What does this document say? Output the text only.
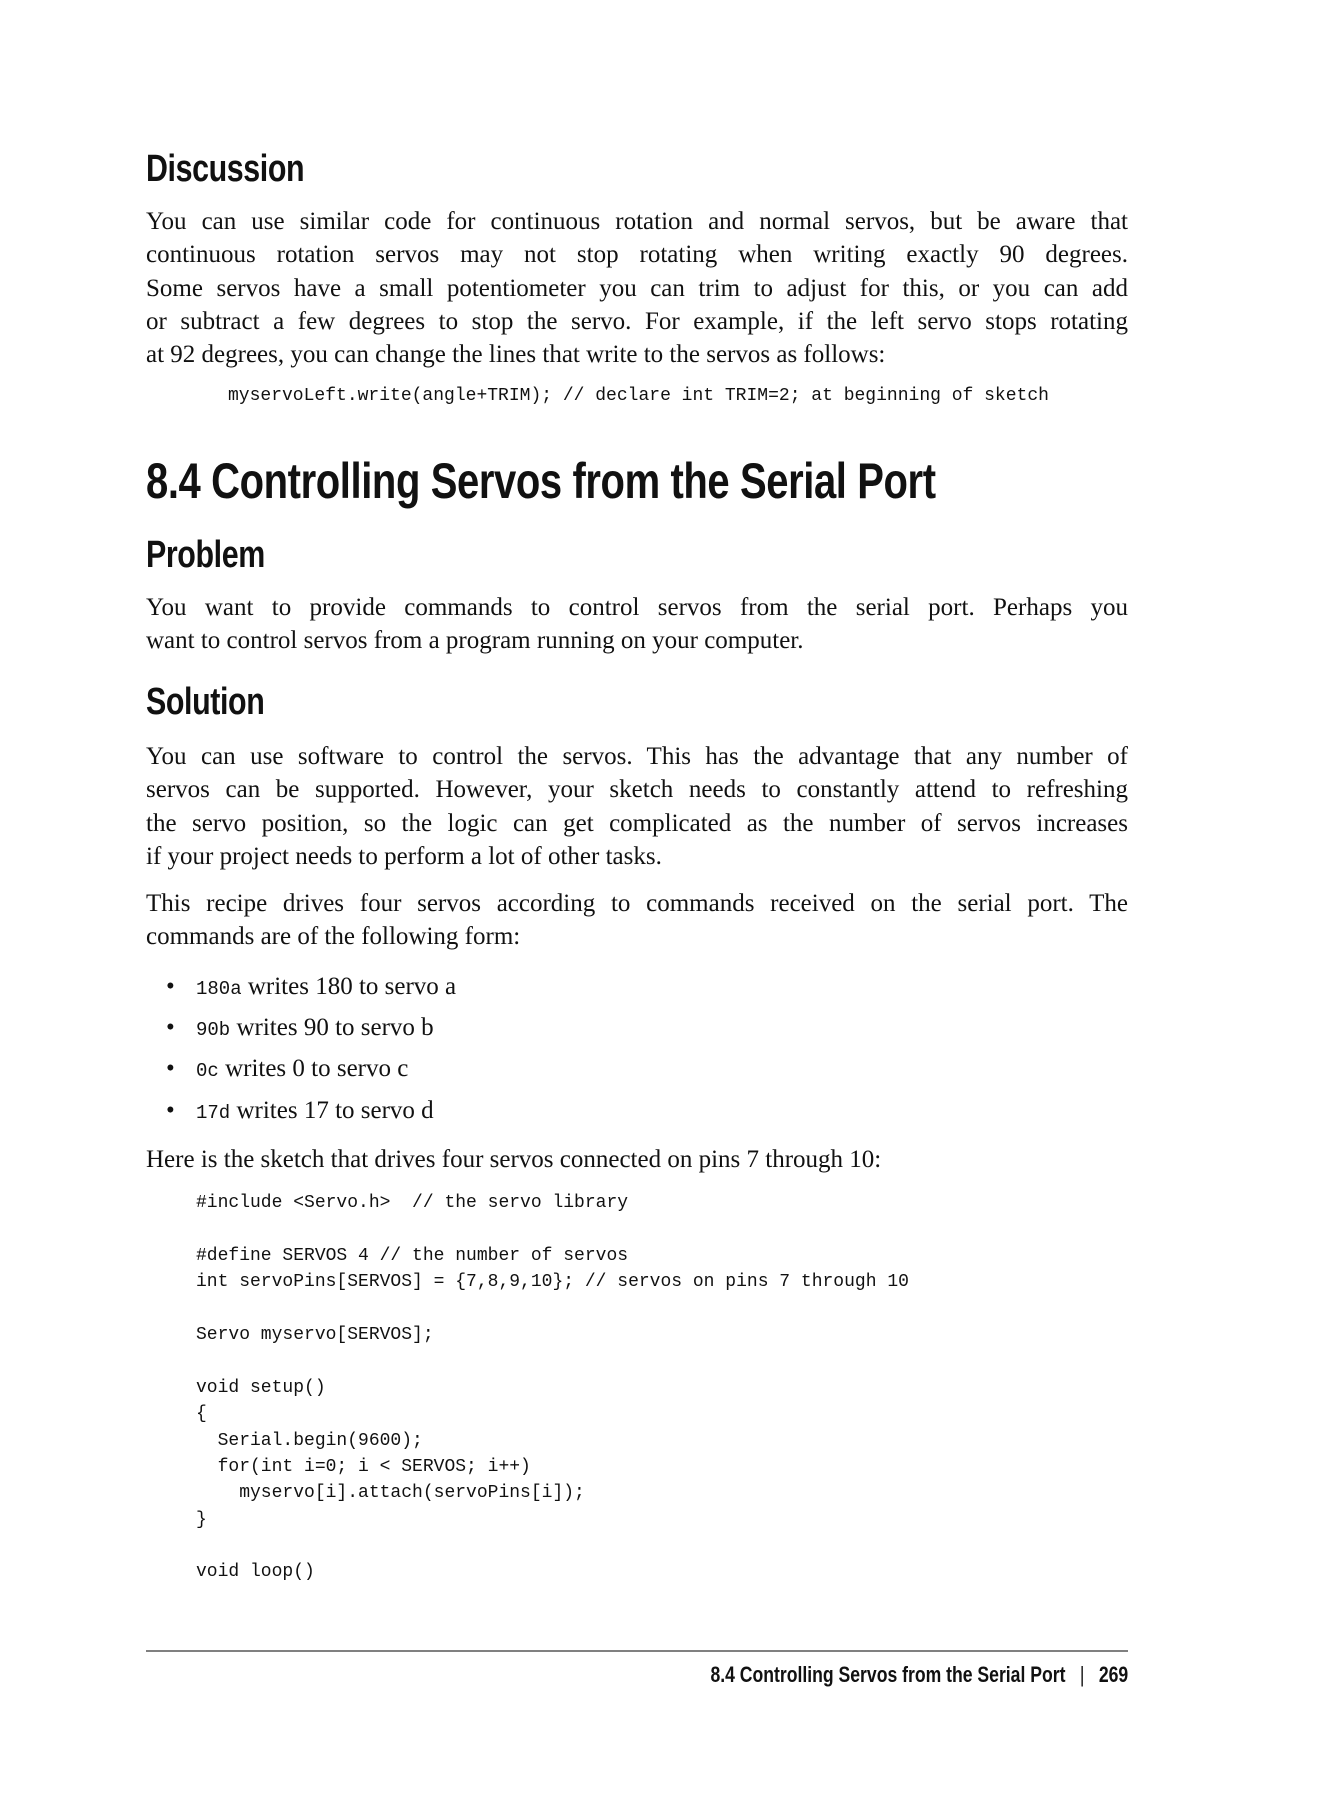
Discussion
You can use similar code for continuous rotation and normal servos, but be aware that
continuous rotation servos may not stop rotating when writing exactly 90 degrees.
Some servos have a small potentiometer you can trim to adjust for this, or you can add
or subtract a few degrees to stop the servo. For example, if the left servo stops rotating
at 92 degrees, you can change the lines that write to the servos as follows:
myservoLeft.write(angle+TRIM); // declare int TRIM=2; at beginning of sketch
8.4 Controlling Servos from the Serial Port
Problem
You want to provide commands to control servos from the serial port. Perhaps you
want to control servos from a program running on your computer.
Solution
You can use software to control the servos. This has the advantage that any number of
servos can be supported. However, your sketch needs to constantly attend to refreshing
the servo position, so the logic can get complicated as the number of servos increases
if your project needs to perform a lot of other tasks.
This recipe drives four servos according to commands received on the serial port. The
commands are of the following form:
• 180a writes 180 to servo a
• 90b writes 90 to servo b
• 0c writes 0 to servo c
• 17d writes 17 to servo d
Here is the sketch that drives four servos connected on pins 7 through 10:
#include <Servo.h>  // the servo library
#define SERVOS 4 // the number of servos
int servoPins[SERVOS] = {7,8,9,10}; // servos on pins 7 through 10
Servo myservo[SERVOS];
void setup()
{
Serial.begin(9600);
for(int i=0; i < SERVOS; i++)
myservo[i].attach(servoPins[i]);
}
void loop()
8.4 Controlling Servos from the Serial Port | 269
